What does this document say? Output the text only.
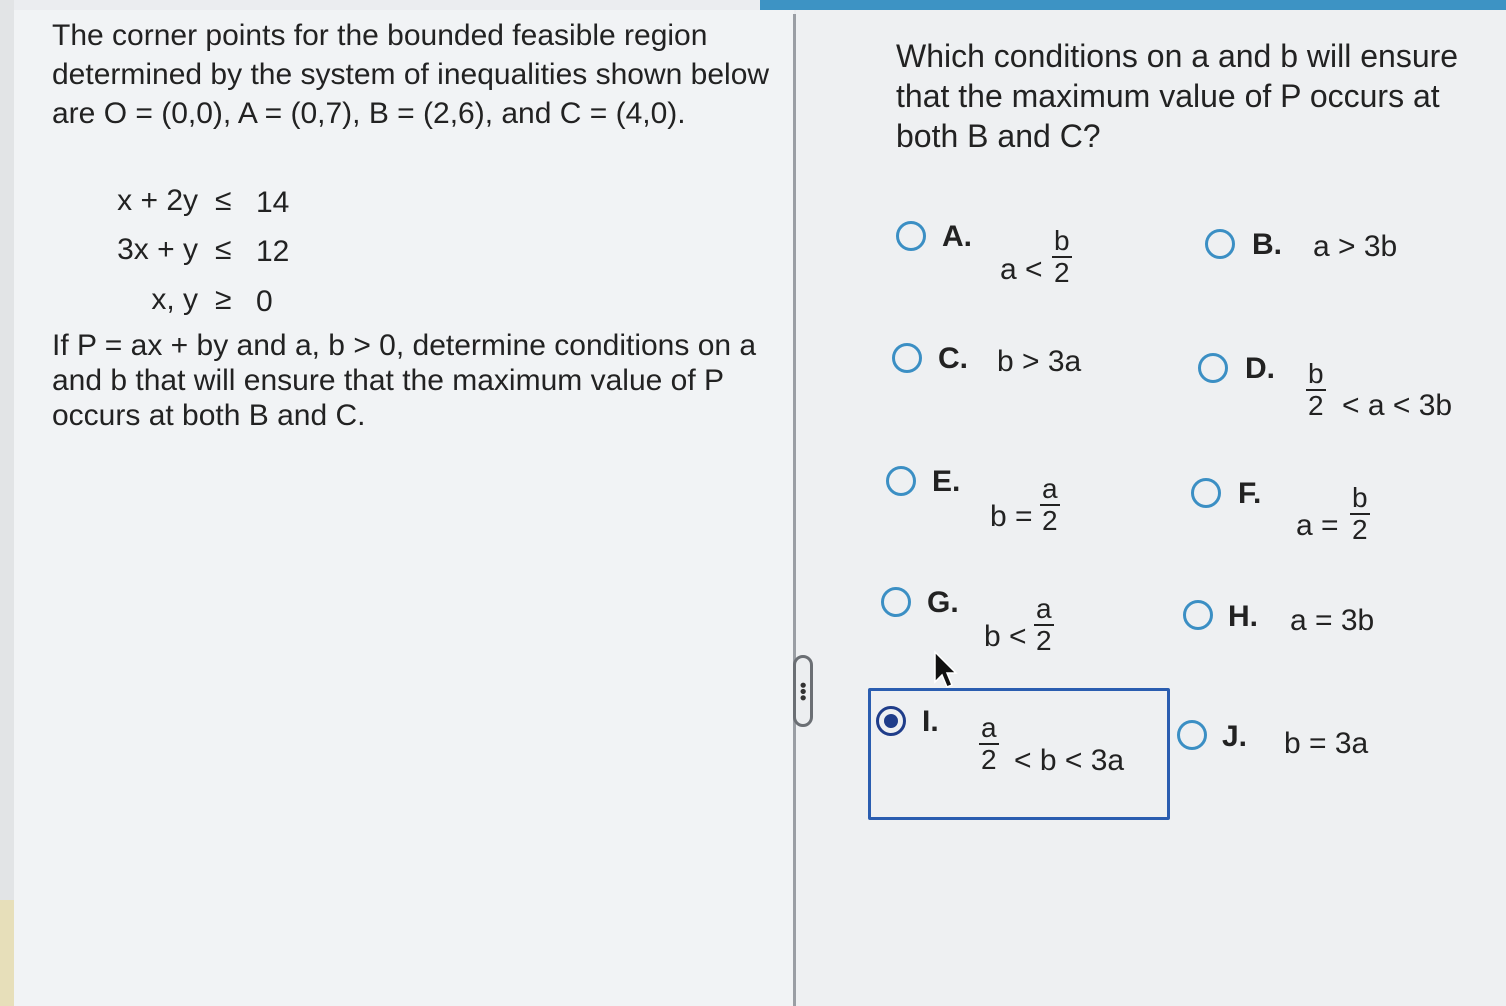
•••
The corner points for the bounded feasible region determined by the system of inequalities shown below are O = (0,0), A = (0,7), B = (2,6), and C = (4,0).
x + 2y ≤ 14
3x + y ≤ 12
x, y ≥ 0
If P = ax + by and a, b > 0, determine conditions on a and b that will ensure that the maximum value of P occurs at both B and C.
Which conditions on a and b will ensure that the maximum value of P occurs at both B and C?
A.
$a < \frac{b}{2}$	B. a > 3b
C. b > 3a	D. $\frac{b}{2} < a < 3b$
E.
$b = \frac{a}{2}$	F.
$a = \frac{b}{2}$
G.
$b < \frac{a}{2}$	H. a = 3b
I. $\frac{a}{2} < b < 3a$
J. b = 3a
